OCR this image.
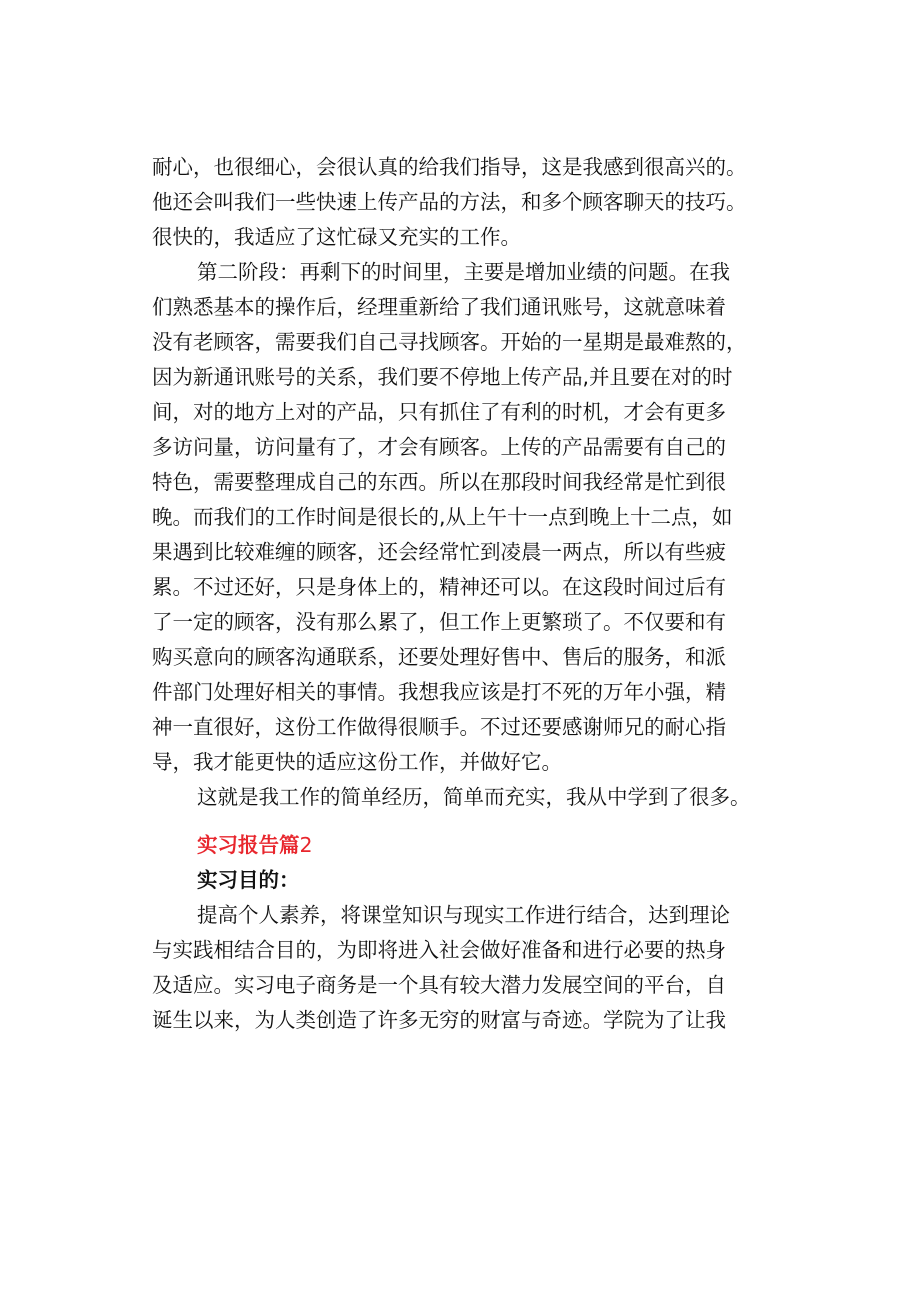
耐心，也很细心，会很认真的给我们指导，这是我感到很高兴的。
他还会叫我们一些快速上传产品的方法，和多个顾客聊天的技巧。
很快的，我适应了这忙碌又充实的工作。
第二阶段：再剩下的时间里，主要是增加业绩的问题。在我
们熟悉基本的操作后，经理重新给了我们通讯账号，这就意味着
没有老顾客，需要我们自己寻找顾客。开始的一星期是最难熬的，
因为新通讯账号的关系，我们要不停地上传产品,并且要在对的时
间，对的地方上对的产品，只有抓住了有利的时机，才会有更多
多访问量，访问量有了，才会有顾客。上传的产品需要有自己的
特色，需要整理成自己的东西。所以在那段时间我经常是忙到很
晚。而我们的工作时间是很长的,从上午十一点到晚上十二点，如
果遇到比较难缠的顾客，还会经常忙到凌晨一两点，所以有些疲
累。不过还好，只是身体上的，精神还可以。在这段时间过后有
了一定的顾客，没有那么累了，但工作上更繁琐了。不仅要和有
购买意向的顾客沟通联系，还要处理好售中、售后的服务，和派
件部门处理好相关的事情。我想我应该是打不死的万年小强，精
神一直很好，这份工作做得很顺手。不过还要感谢师兄的耐心指
导，我才能更快的适应这份工作，并做好它。
这就是我工作的简单经历，简单而充实，我从中学到了很多。
实习报告篇2
实习目的：
提高个人素养，将课堂知识与现实工作进行结合，达到理论
与实践相结合目的，为即将进入社会做好准备和进行必要的热身
及适应。实习电子商务是一个具有较大潜力发展空间的平台，自
诞生以来，为人类创造了许多无穷的财富与奇迹。学院为了让我
